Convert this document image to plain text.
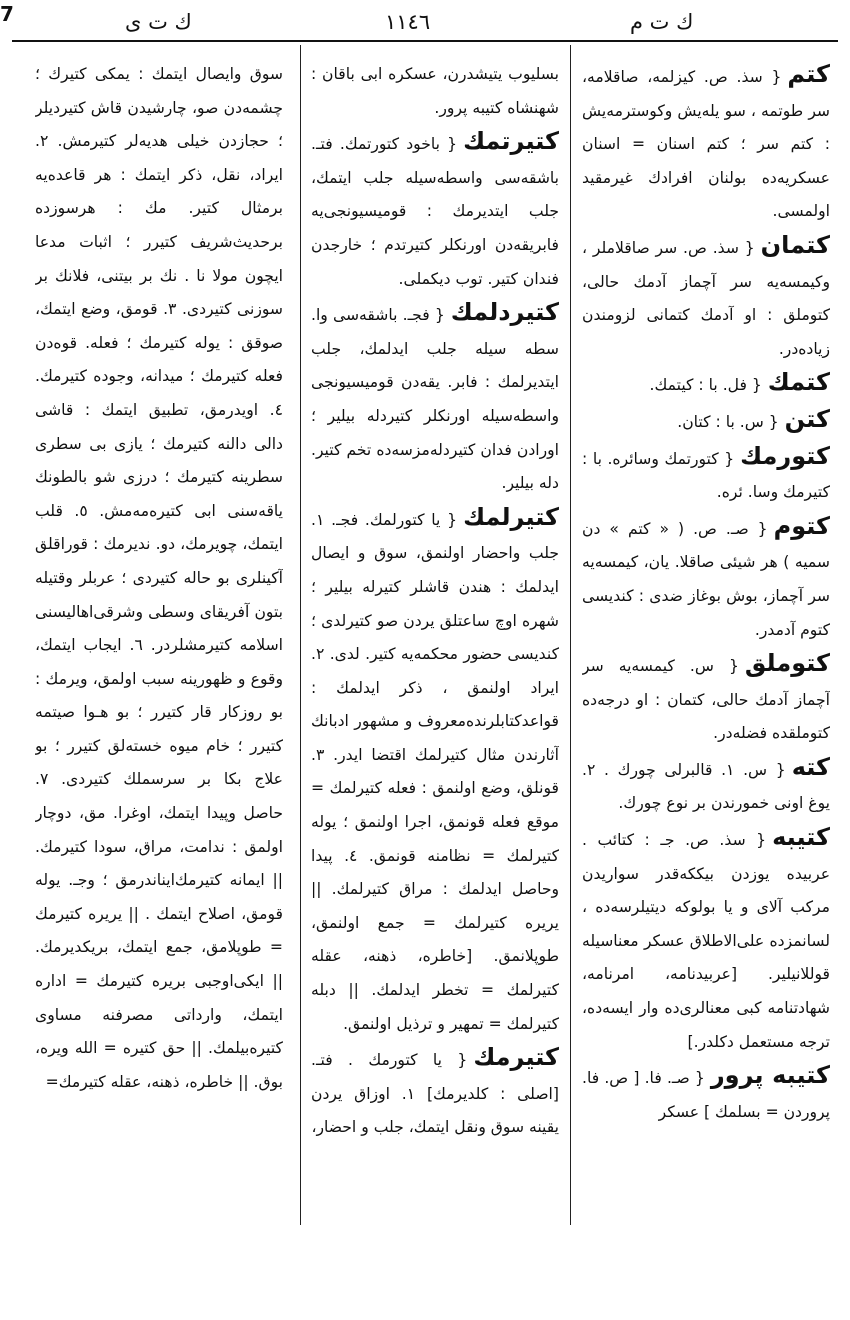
7	ك ت ى	١١٤٦	ك ت م

كتم{ سذ. ص. كيزلمه، صاقلامه، سر طوتمه ، سو يله‌يش وكوسترمه‌يش : كتم سر ؛ كتم اسنان = اسنان عسكريه‌ده بولنان افرادك غيرمقيد اولمسى.

كتمان{ سذ. ص. سر صاقلاملر ، وكيمسه‌يه سر آچماز آدمك حالى، كتوملق : او آدمك كتمانى لزومندن زياده‌در.

كتمك{ فل. با : كيتمك.

كتن{ س. با : كتان.

كتورمك{ كتورتمك وسائره. با : كتيرمك وسا. ئره.

كتوم{ صـ. ص. ( « كتم » دن سميه ) هر شيئى صاقلا. يان، كيمسه‌يه سر آچماز، بوش بوغاز ضدى : كنديسى كتوم آدمدر.

كتوملق{ س. كيمسه‌يه سر آچماز آدمك حالى، كتمان : او درجه‌ده كتوملقده فضله‌در.

كته{ س. ١. قالبرلى چورك . ٢. يوغ اونى خمورندن بر نوع چورك.

كتيبه{ سذ. ص. جـ : كتائب . عربيده يوزدن بيككه‌قدر سواريدن مركب آلاى و يا بولوكه ديتيلرسه‌ده ، لسانمزده على‌الاطلاق عسكر معناسيله قوللانيلير. [عربيدنامه، امرنامه، شهادتنامه كبى معنالرى‌ده وار ايسه‌ده، ترجه مستعمل دكلدر.]

كتيبه پرور{ صـ. فا. [ ص. فا. پروردن = بسلمك ] عسكر

بسليوب يتيشدرن، عسكره ابى باقان : شهنشاه كتيبه پرور.

كتيرتمك{ باخود كتورتمك. فتـ. باشقه‌سى واسطه‌سيله جلب ايتمك، جلب ايتديرمك : قوميسيونجى‌يه فابريقه‌دن اورنكلر كتيرتدم ؛ خارجدن فندان كتير. توب ديكملى.

كتيردلمك{ فجـ. باشقه‌سى وا. سطه سيله جلب ايدلمك، جلب ايتديرلمك : فابر. يقه‌دن قوميسيونجى واسطه‌سيله اورنكلر كتيردله بيلير ؛ اورادن فدان كتيردله‌مزسه‌ده تخم كتير. دله بيلير.

كتيرلمك{ يا كتورلمك. فجـ. ١. جلب واحضار اولنمق، سوق و ايصال ايدلمك : هندن قاشلر كتيرله بيلير ؛ شهره اوچ ساعتلق يردن صو كتيرلدى ؛ كنديسى حضور محكمه‌يه كتير. لدى. ٢. ايراد اولنمق ، ذكر ايدلمك : قواعدكتابلرنده‌معروف و مشهور ادبانك آثارندن مثال كتيرلمك اقتضا ايدر. ٣. قونلق، وضع اولنمق : فعله كتيرلمك = موقع فعله قونمق، اجرا اولنمق ؛ يوله كتيرلمك = نظامنه قونمق. ٤. پيدا وحاصل ايدلمك : مراق كتيرلمك. || يريره كتيرلمك = جمع اولنمق، طوپلانمق. [خاطره، ذهنه، عقله كتيرلمك = تخطر ايدلمك. || دبله كتيرلمك = تمهير و ترذيل اولنمق.

كتيرمك{ يا كتورمك . فتـ. [اصلى : كلديرمك] ١. اوزاق يردن يقينه سوق ونقل ايتمك، جلب و احضار،

سوق وايصال ايتمك : يمكى كتيرك ؛ چشمه‌دن صو، چارشيدن قاش كتيرديلر ؛ حجازدن خيلى هديه‌لر كتيرمش. ٢. ايراد، نقل، ذكر ايتمك : هر قاعده‌يه برمثال كتير. مك : هرسوزده برحديث‌شريف كتيرر ؛ اثبات مدعا ايچون مولا نا . نك بر بيتنى، فلانك بر سوزنى كتيردى. ٣. قومق، وضع ايتمك، صوقق : يوله كتيرمك ؛ فعله. قوه‌دن فعله كتيرمك ؛ ميدانه، وجوده كتيرمك. ٤. اويدرمق، تطبيق ايتمك : قاشى دالى دالنه كتيرمك ؛ يازى بى سطرى سطرينه كتيرمك ؛ درزى شو بالطونك ياقه‌سنى ابى كتيره‌مه‌مش. ٥. قلب ايتمك، چويرمك، دو. نديرمك : قوراقلق آكينلرى بو حاله كتيردى ؛ عربلر وقتيله بتون آفريقاى وسطى وشرقى‌اهاليسنى اسلامه كتيرمشلردر. ٦. ايجاب ايتمك، وقوع و ظهورينه سبب اولمق، ويرمك : بو روزكار قار كتيرر ؛ بو هـوا صيتمه كتيرر ؛ خام ميوه خسته‌لق كتيرر ؛ بو علاج بكا بر سرسملك كتيردى. ٧. حاصل وپيدا ايتمك، اوغرا. مق، دوچار اولمق : ندامت، مراق، سودا كتيرمك. || ايمانه كتيرمك‌ايناندرمق ؛ وجـ. يوله قومق، اصلاح ايتمك . || يريره كتيرمك = طوپلامق، جمع ايتمك، بريكديرمك. || ايكى‌اوجبى بريره كتيرمك = اداره ايتمك، وارداتى مصرفنه مساوى كتيره‌بيلمك. || حق كتيره = الله ويره، بوق. || خاطره، ذهنه، عقله كتيرمك=
